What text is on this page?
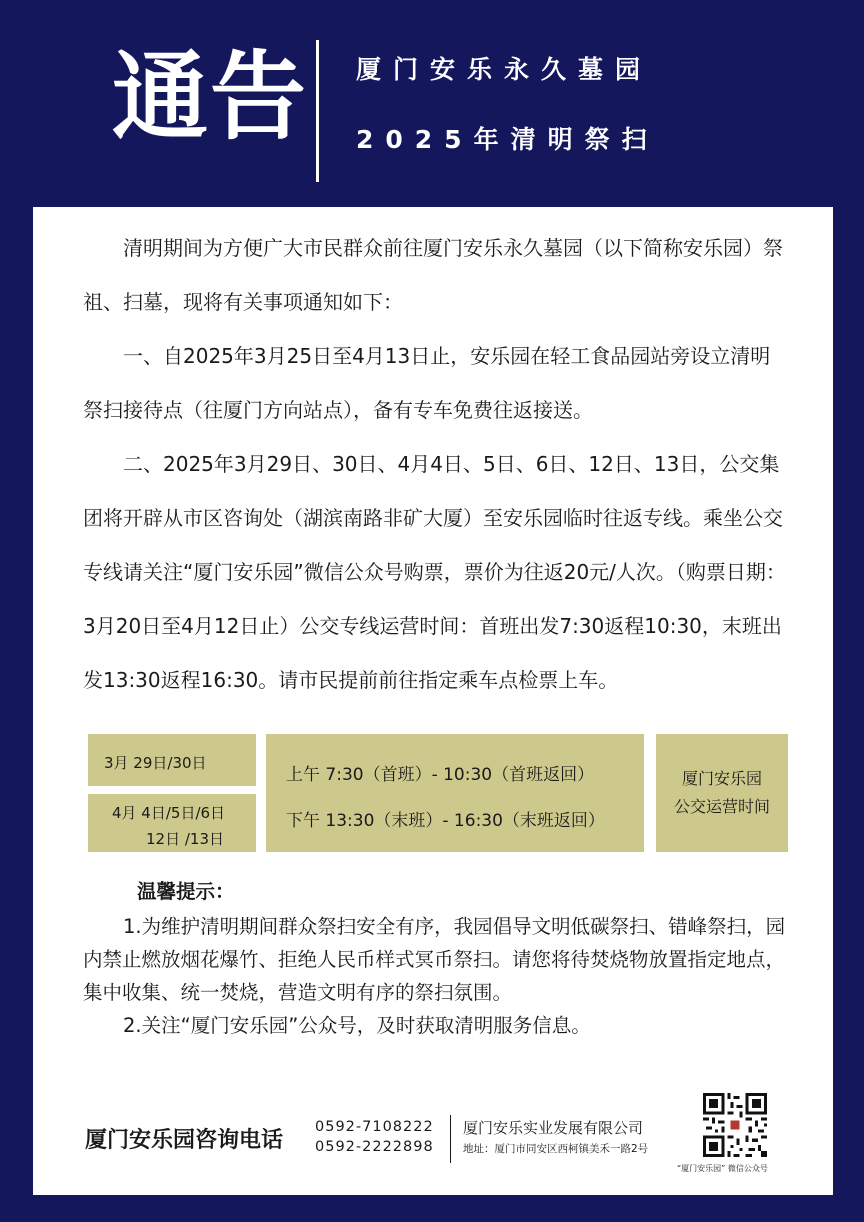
通告 厦门安乐永久墓园
2025年清明祭扫

清明期间为方便广大市民群众前往厦门安乐永久墓园（以下简称安乐园）祭祖、扫墓，现将有关事项通知如下：

一、自2025年3月25日至4月13日止，安乐园在轻工食品园站旁设立清明祭扫接待点（往厦门方向站点），备有专车免费往返接送。

二、2025年3月29日、30日、4月4日、5日、6日、12日、13日，公交集团将开辟从市区咨询处（湖滨南路非矿大厦）至安乐园临时往返专线。乘坐公交专线请关注“厦门安乐园”微信公众号购票，票价为往返20元/人次。（购票日期：3月20日至4月12日止）公交专线运营时间：首班出发7:30返程10:30，末班出发13:30返程16:30。请市民提前前往指定乘车点检票上车。

3月 29日/30日
4月 4日/5日/6日
12日 /13日
上午 7:30（首班）- 10:30（首班返回）
下午 13:30（末班）- 16:30（末班返回）
厦门安乐园
公交运营时间

温馨提示：

1.为维护清明期间群众祭扫安全有序，我园倡导文明低碳祭扫、错峰祭扫，园内禁止燃放烟花爆竹、拒绝人民币样式冥币祭扫。请您将待焚烧物放置指定地点，集中收集、统一焚烧，营造文明有序的祭扫氛围。

2.关注“厦门安乐园”公众号，及时获取清明服务信息。

厦门安乐园咨询电话
0592-7108222
0592-2222898
厦门安乐实业发展有限公司
地址：厦门市同安区西柯镇美禾一路2号
“厦门安乐园” 微信公众号
